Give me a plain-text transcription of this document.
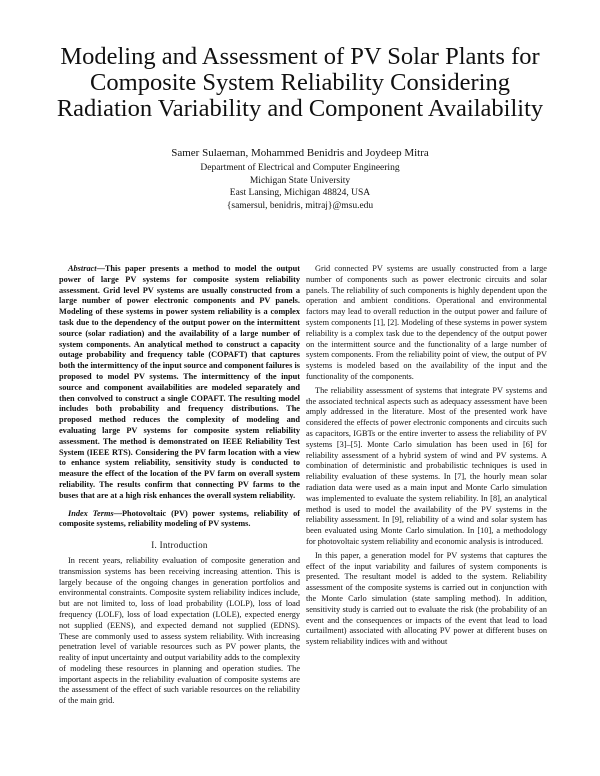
Modeling and Assessment of PV Solar Plants for Composite System Reliability Considering Radiation Variability and Component Availability

Samer Sulaeman, Mohammed Benidris and Joydeep Mitra

Department of Electrical and Computer Engineering

Michigan State University

East Lansing, Michigan 48824, USA

{samersul, benidris, mitraj}@msu.edu

Abstract—This paper presents a method to model the output power of large PV systems for composite system reliability assessment. Grid level PV systems are usually constructed from a large number of power electronic components and PV panels. Modeling of these systems in power system reliability is a complex task due to the dependency of the output power on the intermittent source (solar radiation) and the availability of a large number of system components. An analytical method to construct a capacity outage probability and frequency table (COPAFT) that captures both the intermittency of the input source and component failures is proposed to model PV systems. The intermittency of the input source and component availabilities are modeled separately and then convolved to construct a single COPAFT. The resulting model includes both probability and frequency distributions. The proposed method reduces the complexity of modeling and evaluating large PV systems for composite system reliability assessment. The method is demonstrated on IEEE Reliability Test System (IEEE RTS). Considering the PV farm location with a view to enhance system reliability, sensitivity study is conducted to measure the effect of the location of the PV farm on overall system reliability. The results confirm that connecting PV farms to the buses that are at a high risk enhances the overall system reliability.

Index Terms—Photovoltaic (PV) power systems, reliability of composite systems, reliability modeling of PV systems.

I. Introduction

In recent years, reliability evaluation of composite generation and transmission systems has been receiving increasing attention. This is largely because of the ongoing changes in generation portfolios and environmental constraints. Composite system reliability indices include, but are not limited to, loss of load probability (LOLP), loss of load frequency (LOLF), loss of load expectation (LOLE), expected energy not supplied (EENS), and expected demand not supplied (EDNS). These are commonly used to assess system reliability. With increasing penetration level of variable resources such as PV power plants, the reality of input uncertainty and output variability adds to the complexity of modeling these resources in planning and operation studies. The important aspects in the reliability evaluation of composite systems are the assessment of the effect of such variable resources on the reliability of the main grid.

Grid connected PV systems are usually constructed from a large number of components such as power electronic circuits and solar panels. The reliability of such components is highly dependent upon the operation and ambient conditions. Operational and environmental factors may lead to overall reduction in the output power and failure of system components [1], [2]. Modeling of these systems in power system reliability is a complex task due to the dependency of the output power on the intermittent source and the functionality of a large number of system components. From the reliability point of view, the output of PV systems is modeled based on the availability of the input and the functionality of the components.

The reliability assessment of systems that integrate PV systems and the associated technical aspects such as adequacy assessment have been amply addressed in the literature. Most of the presented work have considered the effects of power electronic components and circuits such as capacitors, IGBTs or the entire inverter to assess the reliability of PV systems [3]–[5]. Monte Carlo simulation has been used in [6] for reliability assessment of a hybrid system of wind and PV systems. A combination of deterministic and probabilistic techniques is used in reliability evaluation of these systems. In [7], the hourly mean solar radiation data were used as a main input and Monte Carlo simulation was implemented to evaluate the system reliability. In [8], an analytical method is used to model the availability of the PV systems in the reliability assessment. In [9], reliability of a wind and solar system has been evaluated using Monte Carlo simulation. In [10], a methodology for photovoltaic system reliability and economic analysis is introduced.

In this paper, a generation model for PV systems that captures the effect of the input variability and failures of system components is presented. The resultant model is added to the system. Reliability assessment of the composite systems is carried out in conjunction with the Monte Carlo simulation (state sampling method). In addition, sensitivity study is carried out to evaluate the risk (the probability of an event and the consequences or impacts of the event that lead to load curtailment) associated with allocating PV power at different buses on system reliability indices with and without
